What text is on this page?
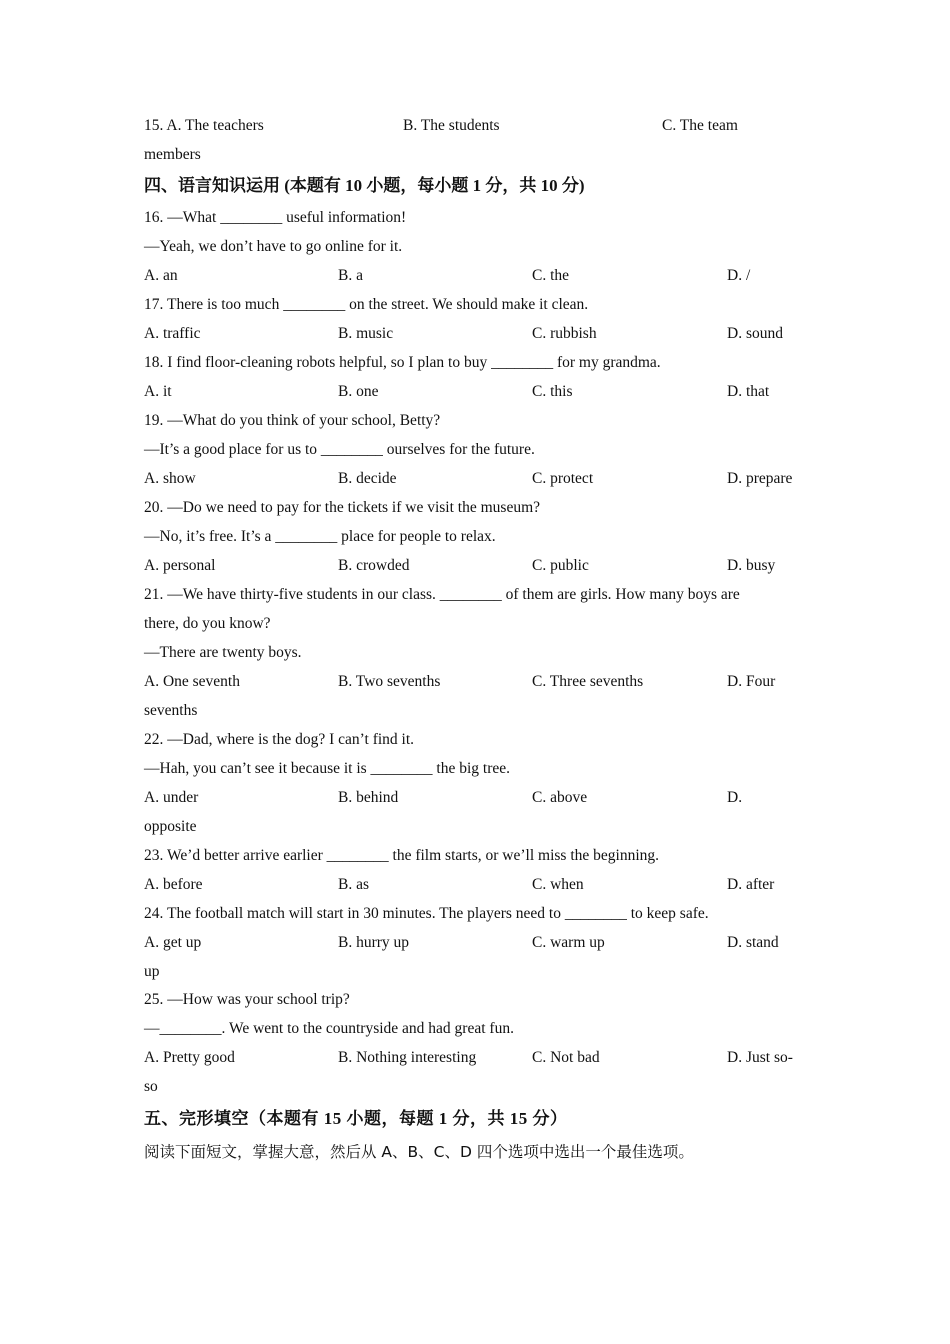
15. A. The teachers	B. The students	C. The team
members
四、语言知识运用 (本题有 10 小题，每小题 1 分，共 10 分)
16. —What ________ useful information!
—Yeah, we don’t have to go online for it.
A. an	B. a	C. the	D. /
17. There is too much ________ on the street. We should make it clean.
A. traffic	B. music	C. rubbish	D. sound
18. I find floor-cleaning robots helpful, so I plan to buy ________ for my grandma.
A. it	B. one	C. this	D. that
19. —What do you think of your school, Betty?
—It’s a good place for us to ________ ourselves for the future.
A. show	B. decide	C. protect	D. prepare
20. —Do we need to pay for the tickets if we visit the museum?
—No, it’s free. It’s a ________ place for people to relax.
A. personal	B. crowded	C. public	D. busy
21. —We have thirty-five students in our class. ________ of them are girls. How many boys are
there, do you know?
—There are twenty boys.
A. One seventh	B. Two sevenths	C. Three sevenths	D. Four
sevenths
22. —Dad, where is the dog? I can’t find it.
—Hah, you can’t see it because it is ________ the big tree.
A. under	B. behind	C. above	D.
opposite
23. We’d better arrive earlier ________ the film starts, or we’ll miss the beginning.
A. before	B. as	C. when	D. after
24. The football match will start in 30 minutes. The players need to ________ to keep safe.
A. get up	B. hurry up	C. warm up	D. stand
up
25. —How was your school trip?
—________. We went to the countryside and had great fun.
A. Pretty good	B. Nothing interesting	C. Not bad	D. Just so-
so
五、完形填空（本题有 15 小题，每题 1 分，共 15 分）
阅读下面短文，掌握大意，然后从 A、B、C、D 四个选项中选出一个最佳选项。
